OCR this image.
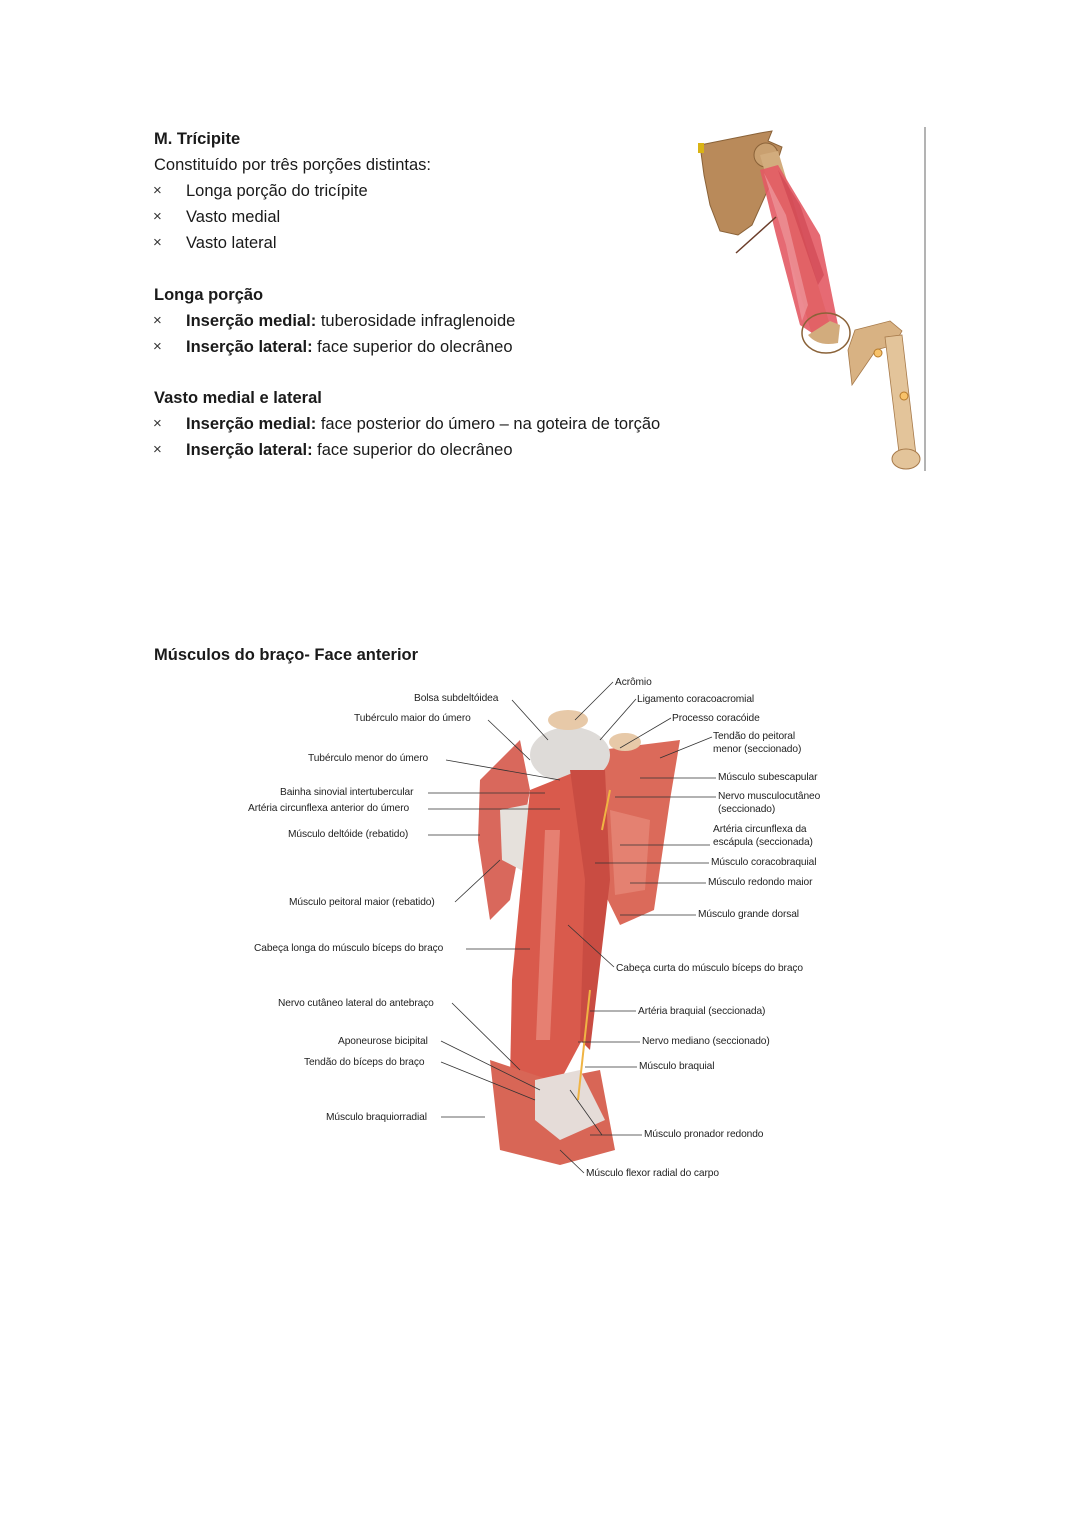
M. Trícipite
Constituído por três porções distintas:
× Longa porção do tricípite
× Vasto medial
× Vasto lateral
Longa porção
× Inserção medial: tuberosidade infraglenoide
× Inserção lateral: face superior do olecrâneo
Vasto medial e lateral
× Inserção medial: face posterior do úmero – na goteira de torção
× Inserção lateral: face superior do olecrâneo
Músculos do braço- Face anterior
Bolsa subdeltóidea
Tubérculo maior do úmero
Tubérculo menor do úmero
Bainha sinovial intertubercular
Artéria circunflexa anterior do úmero
Músculo deltóide (rebatido)
Músculo peitoral maior (rebatido)
Cabeça longa do músculo bíceps do braço
Nervo cutâneo lateral do antebraço
Aponeurose bicipital
Tendão do bíceps do braço
Músculo braquiorradial
Acrômio
Ligamento coracoacromial
Processo coracóide
Tendão do peitoral
menor (seccionado)
Músculo subescapular
Nervo musculocutâneo
(seccionado)
Artéria circunflexa da
escápula (seccionada)
Músculo coracobraquial
Músculo redondo maior
Músculo grande dorsal
Cabeça curta do músculo bíceps do braço
Artéria braquial (seccionada)
Nervo mediano (seccionado)
Músculo braquial
Músculo pronador redondo
Músculo flexor radial do carpo
